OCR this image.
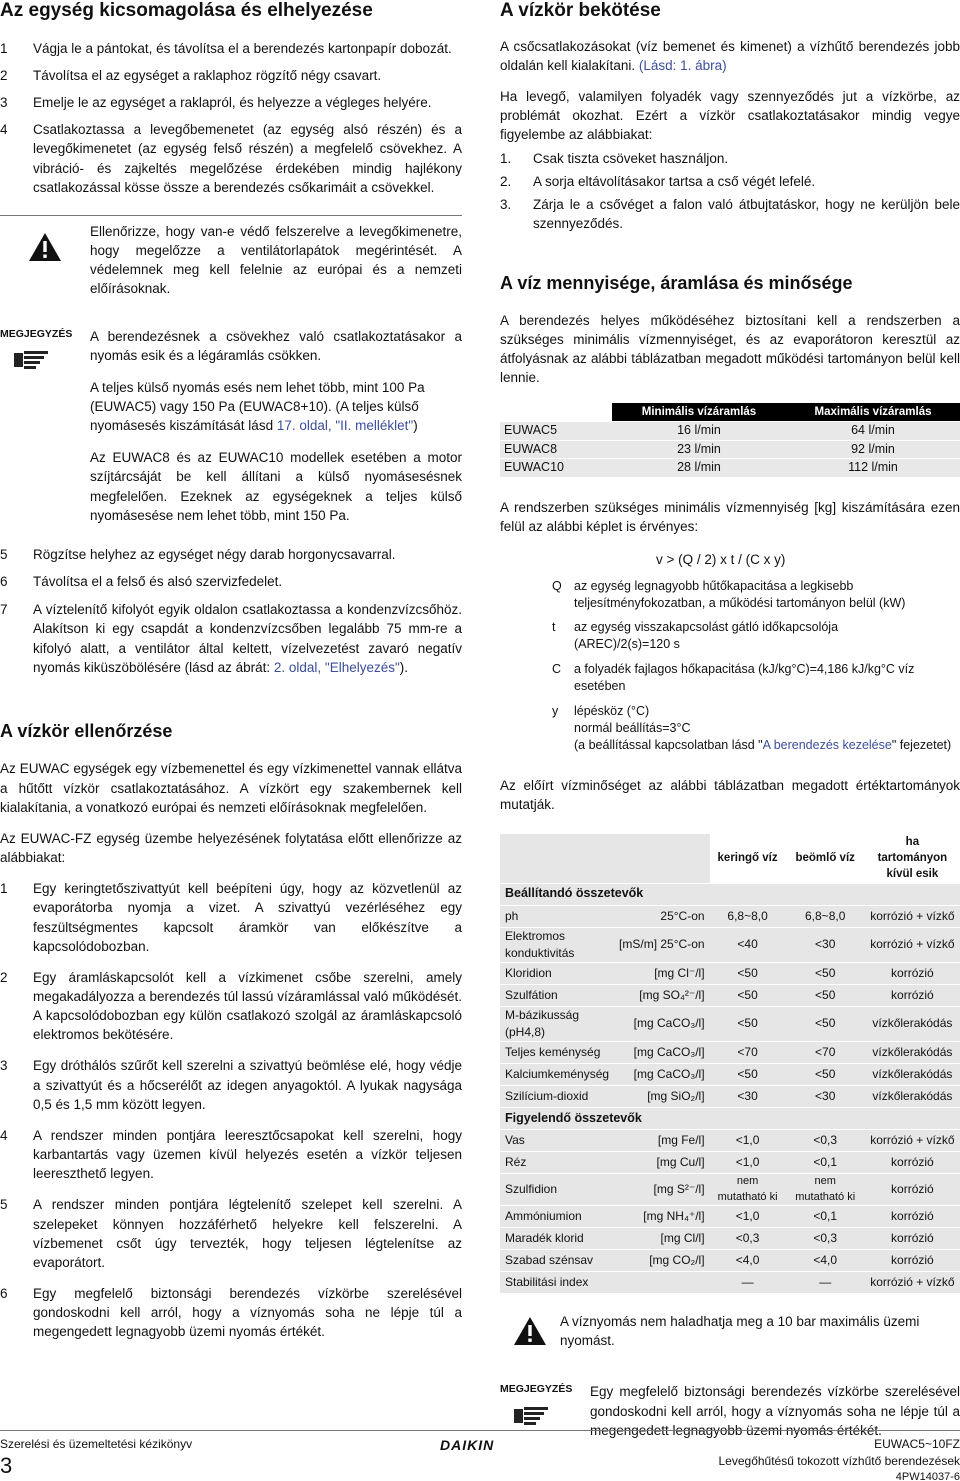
Az egység kicsomagolása és elhelyezése
1	Vágja le a pántokat, és távolítsa el a berendezés kartonpapír dobozát.
2	Távolítsa el az egységet a raklaphoz rögzítő négy csavart.
3	Emelje le az egységet a raklapról, és helyezze a végleges helyére.
4	Csatlakoztassa a levegőbemenetet (az egység alsó részén) és a levegőkimenetet (az egység felső részén) a megfelelő csövekhez. A vibráció- és zajkeltés megelőzése érdekében mindig hajlékony csatlakozással kösse össze a berendezés csőkarimáit a csövekkel.

Ellenőrizze, hogy van-e védő felszerelve a levegőkimenetre, hogy megelőzze a ventilátorlapátok megérintését. A védelemnek meg kell felelnie az európai és a nemzeti előírásoknak.

MEGJEGYZÉS	A berendezésnek a csövekhez való csatlakoztatásakor a nyomás esik és a légáramlás csökken.

A teljes külső nyomás esés nem lehet több, mint 100 Pa (EUWAC5) vagy 150 Pa (EUWAC8+10). (A teljes külső nyomásesés kiszámítását lásd 17. oldal, "II. melléklet")

Az EUWAC8 és az EUWAC10 modellek esetében a motor szíjtárcsáját be kell állítani a külső nyomásesésnek megfelelően. Ezeknek az egységeknek a teljes külső nyomásesése nem lehet több, mint 150 Pa.

5	Rögzítse helyhez az egységet négy darab horgonycsavarral.
6	Távolítsa el a felső és alsó szervizfedelet.
7	A víztelenítő kifolyót egyik oldalon csatlakoztassa a kondenzvízcsőhöz. Alakítson ki egy csapdát a kondenzvízcsőben legalább 75 mm-re a kifolyó alatt, a ventilátor által keltett, vízelvezetést zavaró negatív nyomás kiküszöbölésére (lásd az ábrát: 2. oldal, "Elhelyezés").
A vízkör ellenőrzése

Az EUWAC egységek egy vízbemenettel és egy vízkimenettel vannak ellátva a hűtőtt vízkör csatlakoztatásához. A vízkört egy szakembernek kell kialakítania, a vonatkozó európai és nemzeti előírásoknak megfelelően.

Az EUWAC-FZ egység üzembe helyezésének folytatása előtt ellenőrizze az alábbiakat:

1	Egy keringtetőszivattyút kell beépíteni úgy, hogy az közvetlenül az evaporátorba nyomja a vizet. A szivattyú vezérléséhez egy feszültségmentes kapcsolt áramkör van előkészítve a kapcsolódobozban.
2	Egy áramláskapcsolót kell a vízkimenet csőbe szerelni, amely megakadályozza a berendezés túl lassú vízáramlással való működését. A kapcsolódobozban egy külön csatlakozó szolgál az áramláskapcsoló elektromos bekötésére.
3	Egy dróthálós szűrőt kell szerelni a szivattyú beömlése elé, hogy védje a szivattyút és a hőcserélőt az idegen anyagoktól. A lyukak nagysága 0,5 és 1,5 mm között legyen.
4	A rendszer minden pontjára leeresztőcsapokat kell szerelni, hogy karbantartás vagy üzemen kívül helyezés esetén a vízkör teljesen leereszthető legyen.
5	A rendszer minden pontjára légtelenítő szelepet kell szerelni. A szelepeket könnyen hozzáférhető helyekre kell felszerelni. A vízbemenet csőt úgy tervezték, hogy teljesen légtelenítse az evaporátort.
6	Egy megfelelő biztonsági berendezés vízkörbe szerelésével gondoskodni kell arról, hogy a víznyomás soha ne lépje túl a megengedett legnagyobb üzemi nyomás értékét.
A vízkör bekötése

A csőcsatlakozásokat (víz bemenet és kimenet) a vízhűtő berendezés jobb oldalán kell kialakítani. (Lásd: 1. ábra)

Ha levegő, valamilyen folyadék vagy szennyeződés jut a vízkörbe, az problémát okozhat. Ezért a vízkör csatlakoztatásakor mindig vegye figyelembe az alábbiakat:

1.	Csak tiszta csöveket használjon.
2.	A sorja eltávolításakor tartsa a cső végét lefelé.
3.	Zárja le a csővéget a falon való átbujtatáskor, hogy ne kerüljön bele szennyeződés.
A víz mennyisége, áramlása és minősége

A berendezés helyes működéséhez biztosítani kell a rendszerben a szükséges minimális vízmennyiséget, és az evaporátoron keresztül az átfolyásnak az alábbi táblázatban megadott működési tartományon belül kell lennie.

	Minimális vízáramlás	Maximális vízáramlás
EUWAC5	16 l/min	64 l/min
EUWAC8	23 l/min	92 l/min
EUWAC10	28 l/min	112 l/min

A rendszerben szükséges minimális vízmennyiség [kg] kiszámítására ezen felül az alábbi képlet is érvényes:

v > (Q / 2) x t / (C x y)
Q az egység legnagyobb hűtőkapacitása a legkisebb
teljesítményfokozatban, a működési tartományon belül (kW)
t	az egység visszakapcsolást gátló időkapcsolója
(AREC)/2(s)=120 s
C	a folyadék fajlagos hőkapacitása (kJ/kg°C)=4,186 kJ/kg°C víz
esetében
y	lépésköz (°C)
normál beállítás=3°C
(a beállítással kapcsolatban lásd "A berendezés kezelése" fejezetet)

Az előírt vízminőséget az alábbi táblázatban megadott értéktartományok mutatják.

		keringő víz	beömlő víz	ha tartományon kívül esik
Beállítandó összetevők				
ph	25°C-on	6,8~8,0	6,8~8,0	korrózió + vízkő
Elektromos konduktivitás	[mS/m] 25°C-on	<40	<30	korrózió + vízkő
Kloridion	[mg Cl⁻/l]	<50	<50	korrózió
Szulfátion	[mg SO₄²⁻/l]	<50	<50	korrózió
M-bázikusság (pH4,8)	[mg CaCO₃/l]	<50	<50	vízkőlerakódás
Teljes keménység	[mg CaCO₃/l]	<70	<70	vízkőlerakódás
Kalciumkeménység	[mg CaCO₃/l]	<50	<50	vízkőlerakódás
Szilícium-dioxid	[mg SiO₂/l]	<30	<30	vízkőlerakódás
Figyelendő összetevők				
Vas	[mg Fe/l]	<1,0	<0,3	korrózió + vízkő
Réz	[mg Cu/l]	<1,0	<0,1	korrózió
Szulfidion	[mg S²⁻/l]	nem mutatható ki	nem mutatható ki	korrózió
Ammóniumion	[mg NH₄⁺/l]	<1,0	<0,1	korrózió
Maradék klorid	[mg Cl/l]	<0,3	<0,3	korrózió
Szabad szénsav	[mg CO₂/l]	<4,0	<4,0	korrózió
Stabilitási index		—	—	korrózió + vízkő

A víznyomás nem haladhatja meg a 10 bar maximális üzemi nyomást.

MEGJEGYZÉS	Egy megfelelő biztonsági berendezés vízkörbe szerelésével gondoskodni kell arról, hogy a víznyomás soha ne lépje túl a megengedett legnagyobb üzemi nyomás értékét.

Szerelési és üzemeltetési kézikönyv
3
DAIKIN	EUWAC5~10FZ
Levegőhűtésű tokozott vízhűtő berendezések
4PW14037-6
